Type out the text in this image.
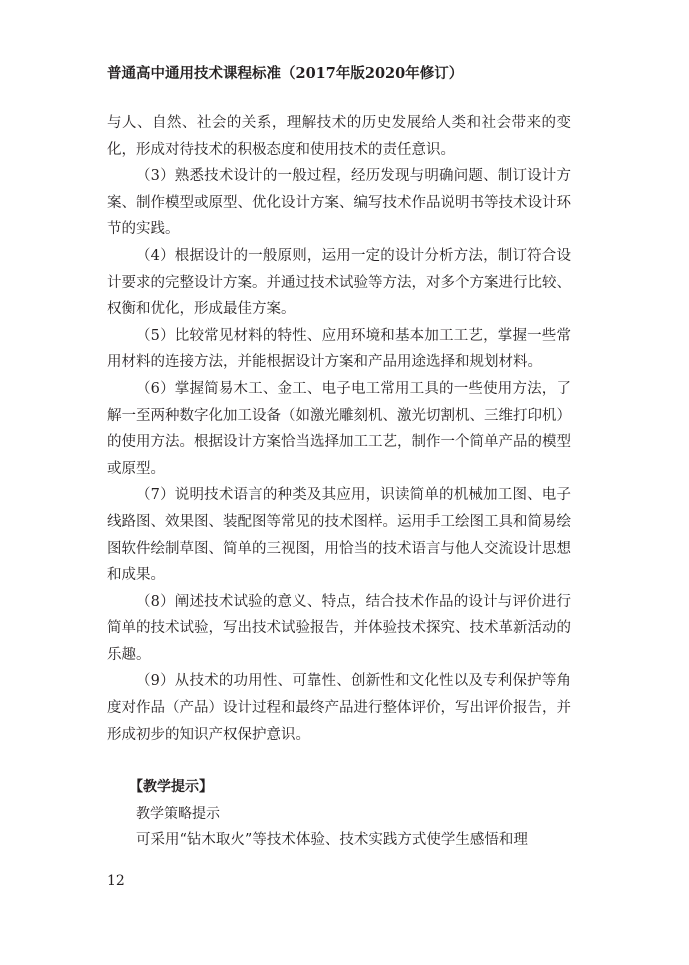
普通高中通用技术课程标准（2017年版2020年修订）

与人、自然、社会的关系，理解技术的历史发展给人类和社会带来的变化，形成对待技术的积极态度和使用技术的责任意识。

（3）熟悉技术设计的一般过程，经历发现与明确问题、制订设计方案、制作模型或原型、优化设计方案、编写技术作品说明书等技术设计环节的实践。

（4）根据设计的一般原则，运用一定的设计分析方法，制订符合设计要求的完整设计方案。并通过技术试验等方法，对多个方案进行比较、权衡和优化，形成最佳方案。

（5）比较常见材料的特性、应用环境和基本加工工艺，掌握一些常用材料的连接方法，并能根据设计方案和产品用途选择和规划材料。

（6）掌握简易木工、金工、电子电工常用工具的一些使用方法，了解一至两种数字化加工设备（如激光雕刻机、激光切割机、三维打印机）的使用方法。根据设计方案恰当选择加工工艺，制作一个简单产品的模型或原型。

（7）说明技术语言的种类及其应用，识读简单的机械加工图、电子线路图、效果图、装配图等常见的技术图样。运用手工绘图工具和简易绘图软件绘制草图、简单的三视图，用恰当的技术语言与他人交流设计思想和成果。

（8）阐述技术试验的意义、特点，结合技术作品的设计与评价进行简单的技术试验，写出技术试验报告，并体验技术探究、技术革新活动的乐趣。

（9）从技术的功用性、可靠性、创新性和文化性以及专利保护等角度对作品（产品）设计过程和最终产品进行整体评价，写出评价报告，并形成初步的知识产权保护意识。

【教学提示】
教学策略提示

可采用“钻木取火”等技术体验、技术实践方式使学生感悟和理

12
